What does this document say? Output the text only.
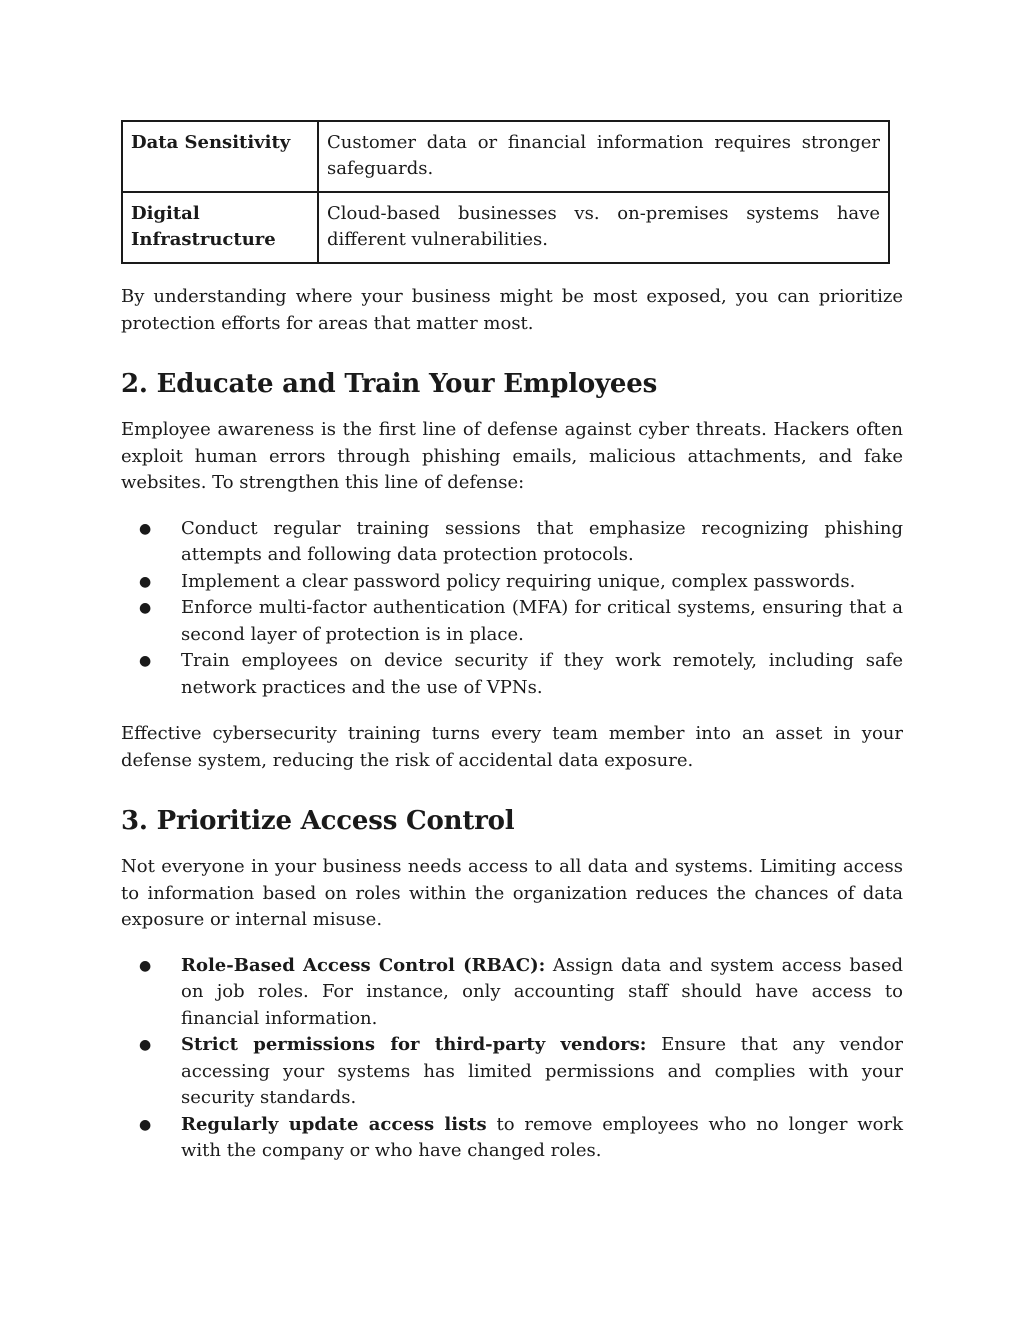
Data Sensitivity	Customer data or financial information requires stronger safeguards.
Digital Infrastructure	Cloud-based businesses vs. on-premises systems have different vulnerabilities.

By understanding where your business might be most exposed, you can prioritize protection efforts for areas that matter most.

2. Educate and Train Your Employees

Employee awareness is the first line of defense against cyber threats. Hackers often exploit human errors through phishing emails, malicious attachments, and fake websites. To strengthen this line of defense:

● Conduct regular training sessions that emphasize recognizing phishing attempts and following data protection protocols.
● Implement a clear password policy requiring unique, complex passwords.
● Enforce multi-factor authentication (MFA) for critical systems, ensuring that a second layer of protection is in place.
● Train employees on device security if they work remotely, including safe network practices and the use of VPNs.

Effective cybersecurity training turns every team member into an asset in your defense system, reducing the risk of accidental data exposure.

3. Prioritize Access Control

Not everyone in your business needs access to all data and systems. Limiting access to information based on roles within the organization reduces the chances of data exposure or internal misuse.

● Role-Based Access Control (RBAC): Assign data and system access based on job roles. For instance, only accounting staff should have access to financial information.
● Strict permissions for third-party vendors: Ensure that any vendor accessing your systems has limited permissions and complies with your security standards.
● Regularly update access lists to remove employees who no longer work with the company or who have changed roles.
